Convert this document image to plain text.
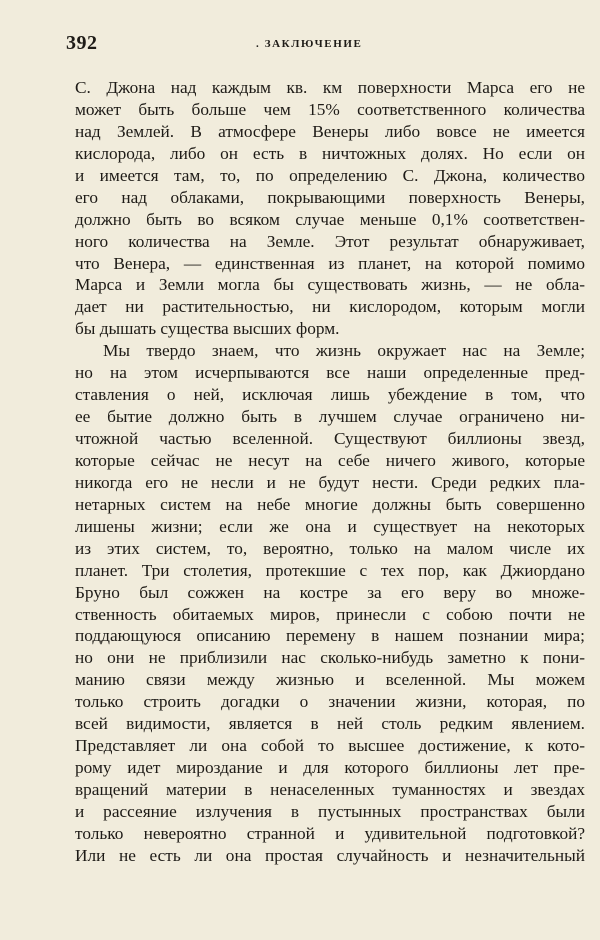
392	. ЗАКЛЮЧЕНИЕ
С. Джона над каждым кв. км поверхности Марса его не
может быть больше чем 15% соответственного количества
над Землей. В атмосфере Венеры либо вовсе не имеется
кислорода, либо он есть в ничтожных долях. Но если он
и имеется там, то, по определению С. Джона, количество
его над облаками, покрывающими поверхность Венеры,
должно быть во всяком случае меньше 0,1% соответствен-
ного количества на Земле. Этот результат обнаруживает,
что Венера, — единственная из планет, на которой помимо
Марса и Земли могла бы существовать жизнь, — не обла-
дает ни растительностью, ни кислородом, которым могли
бы дышать существа высших форм.
Мы твердо знаем, что жизнь окружает нас на Земле;
но на этом исчерпываются все наши определенные пред-
ставления о ней, исключая лишь убеждение в том, что
ее бытие должно быть в лучшем случае ограничено ни-
чтожной частью вселенной. Существуют биллионы звезд,
которые сейчас не несут на себе ничего живого, которые
никогда его не несли и не будут нести. Среди редких пла-
нетарных систем на небе многие должны быть совершенно
лишены жизни; если же она и существует на некоторых
из этих систем, то, вероятно, только на малом числе их
планет. Три столетия, протекшие с тех пор, как Джиордано
Бруно был сожжен на костре за его веру во множе-
ственность обитаемых миров, принесли с собою почти не
поддающуюся описанию перемену в нашем познании мира;
но они не приблизили нас сколько-нибудь заметно к пони-
манию связи между жизнью и вселенной. Мы можем
только строить догадки о значении жизни, которая, по
всей видимости, является в ней столь редким явлением.
Представляет ли она собой то высшее достижение, к кото-
рому идет мироздание и для которого биллионы лет пре-
вращений материи в ненаселенных туманностях и звездах
и рассеяние излучения в пустынных пространствах были
только невероятно странной и удивительной подготовкой?
Или не есть ли она простая случайность и незначительный
